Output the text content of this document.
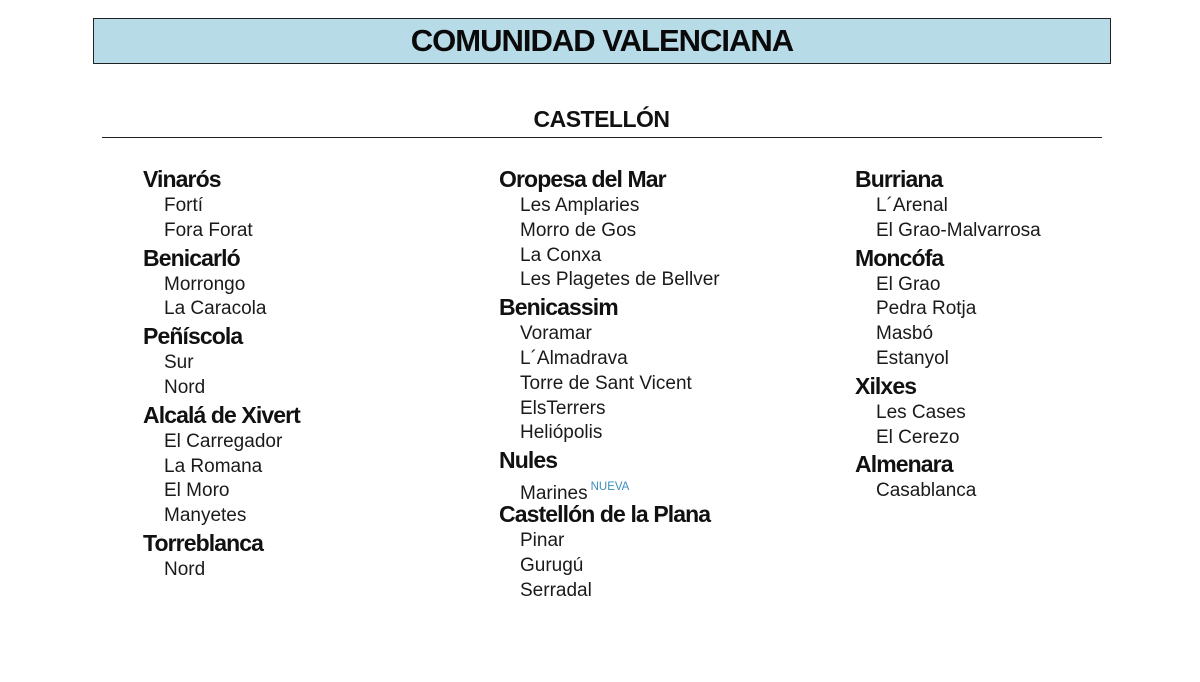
COMUNIDAD VALENCIANA
CASTELLÓN
Vinarós
Fortí
Fora Forat
Benicarló
Morrongo
La Caracola
Peñíscola
Sur
Nord
Alcalá de Xivert
El Carregador
La Romana
El Moro
Manyetes
Torreblanca
Nord
Oropesa del Mar
Les Amplaries
Morro de Gos
La Conxa
Les Plagetes de Bellver
Benicassim
Voramar
L´Almadrava
Torre de Sant Vicent
ElsTerrers
Heliópolis
Nules
Marines $^{NUEVA}$
Castellón de la Plana
Pinar
Gurugú
Serradal
Burriana
L´Arenal
El Grao-Malvarrosa
Moncófa
El Grao
Pedra Rotja
Masbó
Estanyol
Xilxes
Les Cases
El Cerezo
Almenara
Casablanca
